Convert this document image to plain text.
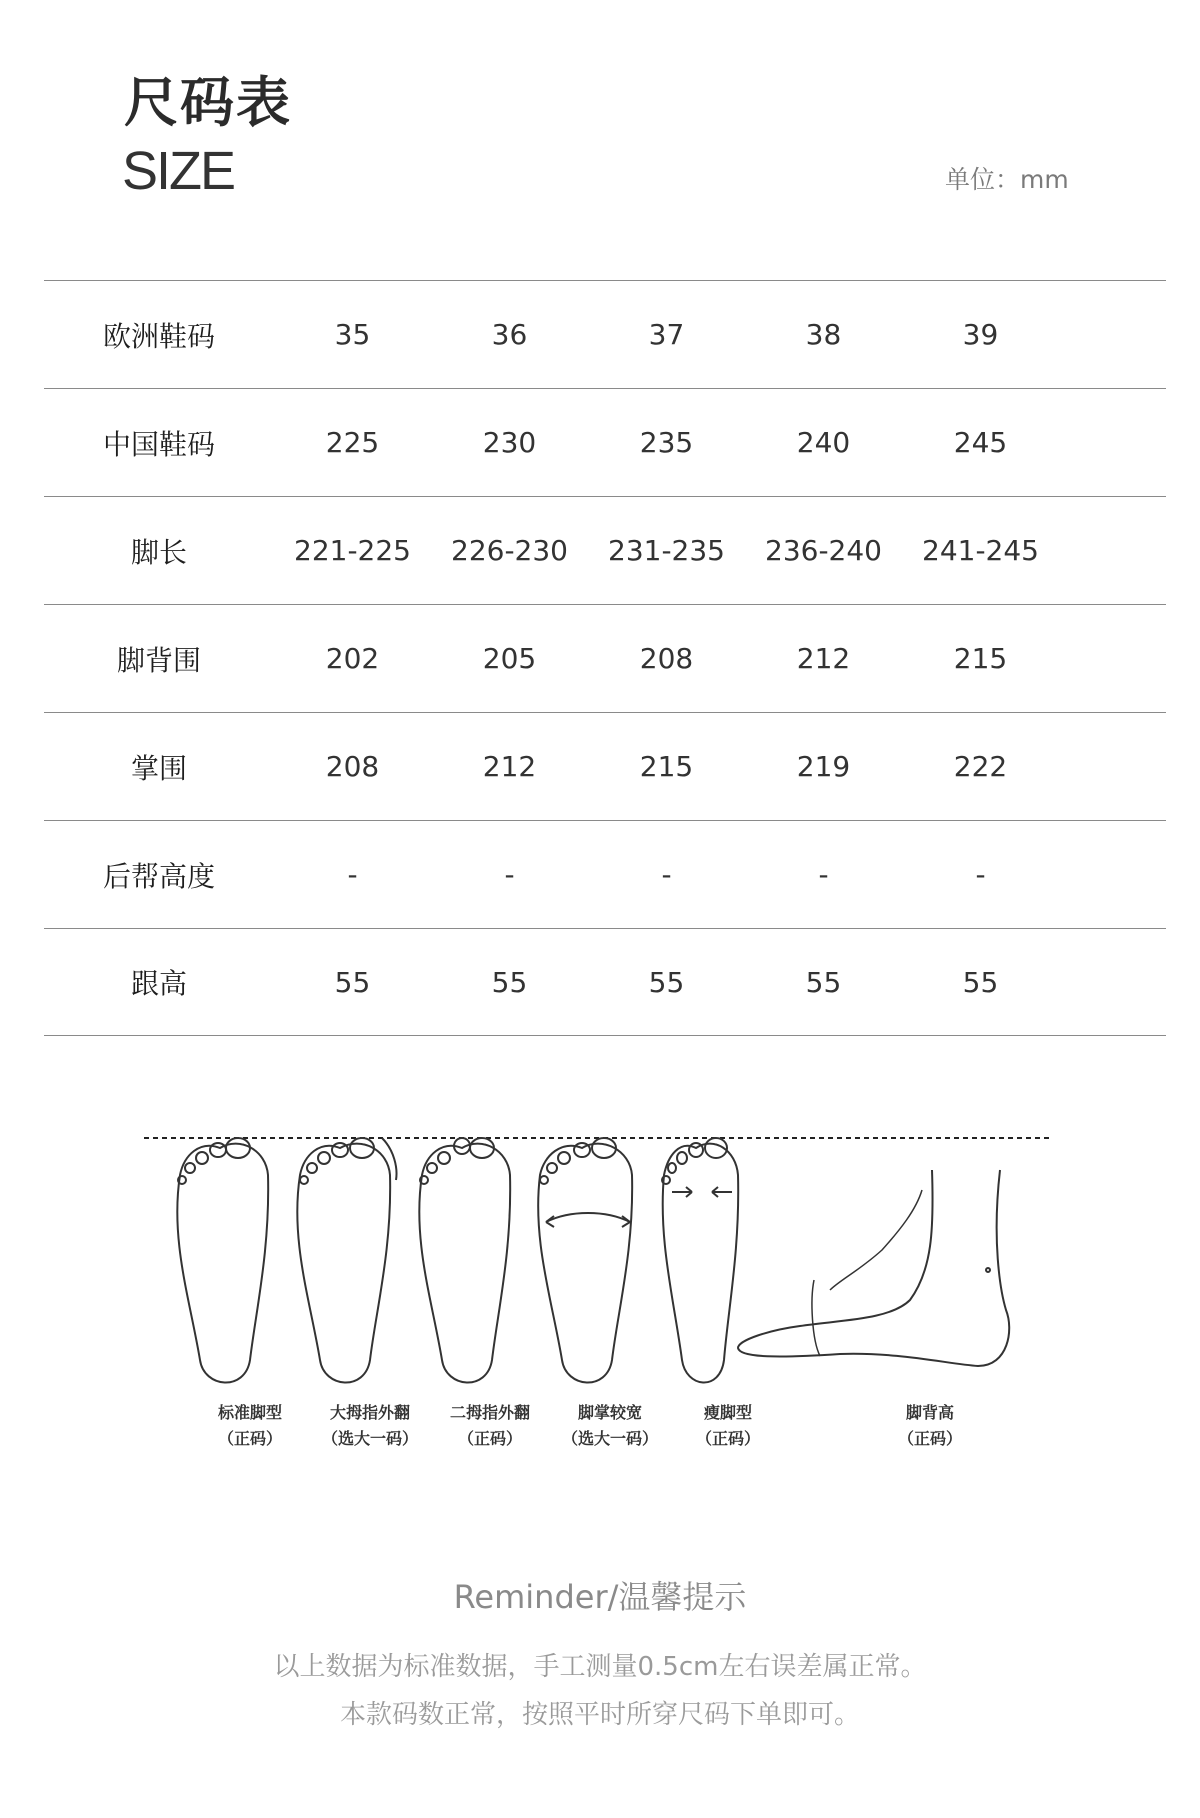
尺码表
SIZE	单位：mm
欧洲鞋码	35	36	37	38	39
中国鞋码	225	230	235	240	245
脚长	221-225	226-230	231-235	236-240	241-245
脚背围	202	205	208	212	215
掌围	208	212	215	219	222
后帮高度	-	-	-	-	-
跟高	55	55	55	55	55
标准脚型
（正码）
大拇指外翻
（选大一码）
二拇指外翻
（正码）
脚掌较宽
（选大一码）
瘦脚型
（正码）
脚背高
（正码）
Reminder/温馨提示
以上数据为标准数据，手工测量0.5cm左右误差属正常。
本款码数正常，按照平时所穿尺码下单即可。
